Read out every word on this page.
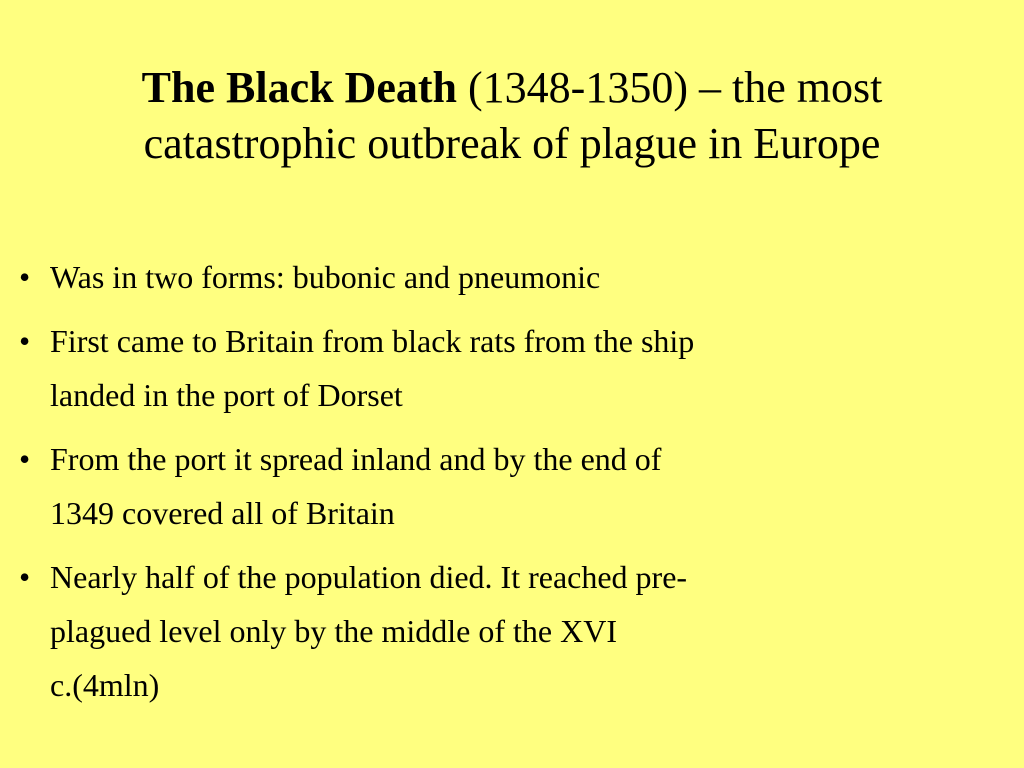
The Black Death (1348-1350) – the most
catastrophic outbreak of plague in Europe
• Was in two forms: bubonic and pneumonic
• First came to Britain from black rats from the ship
landed in the port of Dorset
• From the port it spread inland and by the end of
1349 covered all of Britain
• Nearly half of the population died. It reached pre-
plagued level only by the middle of the XVI
c.(4mln)
